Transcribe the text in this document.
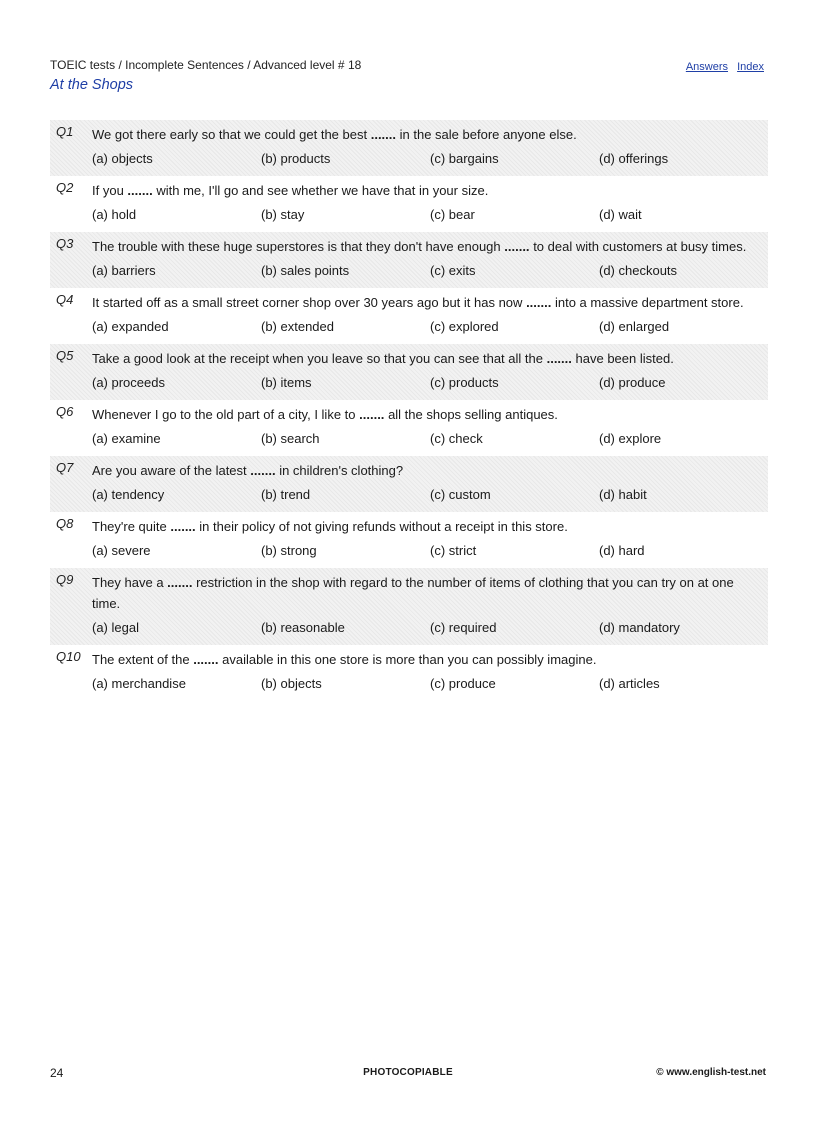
TOEIC tests / Incomplete Sentences / Advanced level # 18
At the Shops
Answers Index
Q1 We got there early so that we could get the best ....... in the sale before anyone else.
(a) objects	(b) products	(c) bargains	(d) offerings
Q2 If you ....... with me, I'll go and see whether we have that in your size.
(a) hold	(b) stay	(c) bear	(d) wait
Q3 The trouble with these huge superstores is that they don't have enough ....... to deal with customers at busy times.
(a) barriers	(b) sales points	(c) exits	(d) checkouts
Q4 It started off as a small street corner shop over 30 years ago but it has now ....... into a massive department store.
(a) expanded	(b) extended	(c) explored	(d) enlarged
Q5 Take a good look at the receipt when you leave so that you can see that all the ....... have been listed.
(a) proceeds	(b) items	(c) products	(d) produce
Q6 Whenever I go to the old part of a city, I like to ....... all the shops selling antiques.
(a) examine	(b) search	(c) check	(d) explore
Q7 Are you aware of the latest ....... in children's clothing?
(a) tendency	(b) trend	(c) custom	(d) habit
Q8 They're quite ....... in their policy of not giving refunds without a receipt in this store.
(a) severe	(b) strong	(c) strict	(d) hard
Q9 They have a ....... restriction in the shop with regard to the number of items of clothing that you can try on at one time.
(a) legal	(b) reasonable	(c) required	(d) mandatory
Q10 The extent of the ....... available in this one store is more than you can possibly imagine.
(a) merchandise	(b) objects	(c) produce	(d) articles
24	PHOTOCOPIABLE	© www.english-test.net
